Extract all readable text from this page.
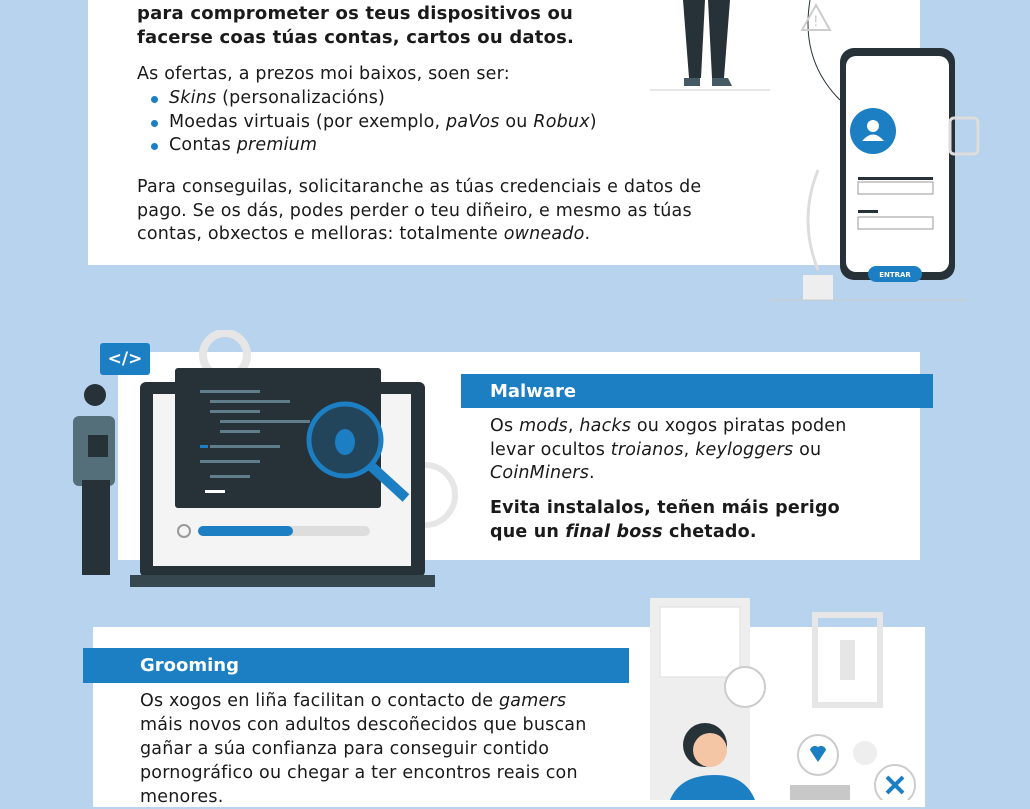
para comprometer os teus dispositivos ou
facerse coas túas contas, cartos ou datos.
As ofertas, a prezos moi baixos, soen ser:
Skins (personalizacións)
Moedas virtuais (por exemplo, paVos ou Robux)
Contas premium
Para conseguilas, solicitaranche as túas credenciais e datos de pago. Se os dás, podes perder o teu diñeiro, e mesmo as túas contas, obxectos e melloras: totalmente owneado.
!
ENTRAR
Malware
Os mods, hacks ou xogos piratas poden levar ocultos troianos, keyloggers ou CoinMiners.
Evita instalalos, teñen máis perigo que un final boss chetado.
</>
Grooming
Os xogos en liña facilitan o contacto de gamers máis novos con adultos descoñecidos que buscan gañar a súa confianza para conseguir contido pornográfico ou chegar a ter encontros reais con menores.
